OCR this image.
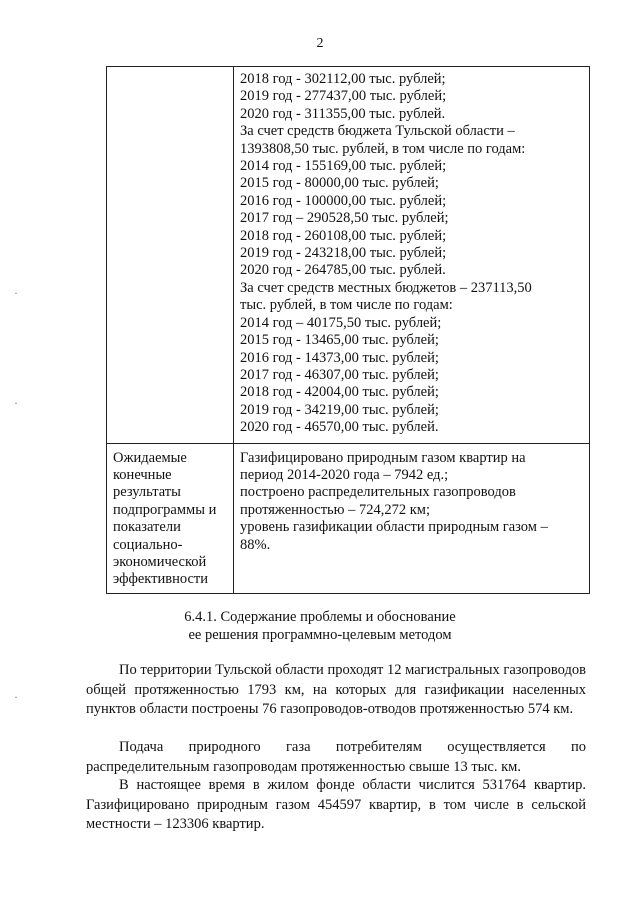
2
2018 год - 302112,00 тыс. рублей;
2019 год - 277437,00 тыс. рублей;
2020 год - 311355,00 тыс. рублей.
За счет средств бюджета Тульской области –
1393808,50 тыс. рублей, в том числе по годам:
2014 год - 155169,00 тыс. рублей;
2015 год - 80000,00 тыс. рублей;
2016 год - 100000,00 тыс. рублей;
2017 год – 290528,50 тыс. рублей;
2018 год - 260108,00 тыс. рублей;
2019 год - 243218,00 тыс. рублей;
2020 год - 264785,00 тыс. рублей.
За счет средств местных бюджетов – 237113,50
тыс. рублей, в том числе по годам:
2014 год – 40175,50 тыс. рублей;
2015 год - 13465,00 тыс. рублей;
2016 год - 14373,00 тыс. рублей;
2017 год - 46307,00 тыс. рублей;
2018 год - 42004,00 тыс. рублей;
2019 год - 34219,00 тыс. рублей;
2020 год - 46570,00 тыс. рублей.
Ожидаемые
конечные
результаты
подпрограммы и
показатели
социально-
экономической
эффективности
Газифицировано природным газом квартир на
период 2014-2020 года – 7942 ед.;
построено распределительных газопроводов
протяженностью – 724,272 км;
уровень газификации области природным газом –
88%.
6.4.1. Содержание проблемы и обоснование
ее решения программно-целевым методом

По территории Тульской области проходят 12 магистральных газопроводов общей протяженностью 1793 км, на которых для газификации населенных пунктов области построены 76 газопроводов-отводов протяженностью 574 км.

Подача природного газа потребителям осуществляется по распределительным газопроводам протяженностью свыше 13 тыс. км.

В настоящее время в жилом фонде области числится 531764 квартир. Газифицировано природным газом 454597 квартир, в том числе в сельской местности – 123306 квартир.

·
·
·
